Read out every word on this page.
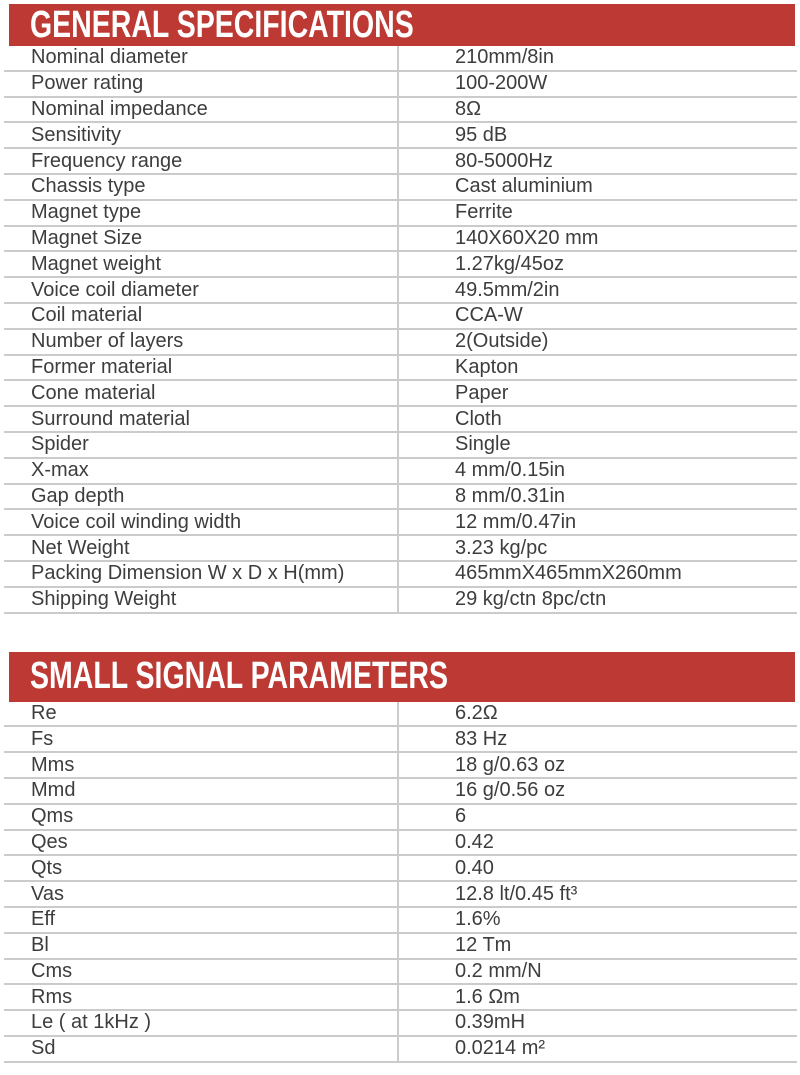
GENERAL SPECIFICATIONS
Nominal diameter	210mm/8in
Power rating	100-200W
Nominal impedance	8Ω
Sensitivity	95 dB
Frequency range	80-5000Hz
Chassis type	Cast aluminium
Magnet type	Ferrite
Magnet Size	140X60X20 mm
Magnet weight	1.27kg/45oz
Voice coil diameter	49.5mm/2in
Coil material	CCA-W
Number of layers	2(Outside)
Former material	Kapton
Cone material	Paper
Surround material	Cloth
Spider	Single
X-max	4 mm/0.15in
Gap depth	8 mm/0.31in
Voice coil winding width	12 mm/0.47in
Net Weight	3.23 kg/pc
Packing Dimension W x D x H(mm)	465mmX465mmX260mm
Shipping Weight	29 kg/ctn 8pc/ctn
SMALL SIGNAL PARAMETERS
Re	6.2Ω
Fs	83 Hz
Mms	18 g/0.63 oz
Mmd	16 g/0.56 oz
Qms	6
Qes	0.42
Qts	0.40
Vas	12.8 lt/0.45 ft³
Eff	1.6%
Bl	12 Tm
Cms	0.2 mm/N
Rms	1.6 Ωm
Le ( at 1kHz )	0.39mH
Sd	0.0214 m²
